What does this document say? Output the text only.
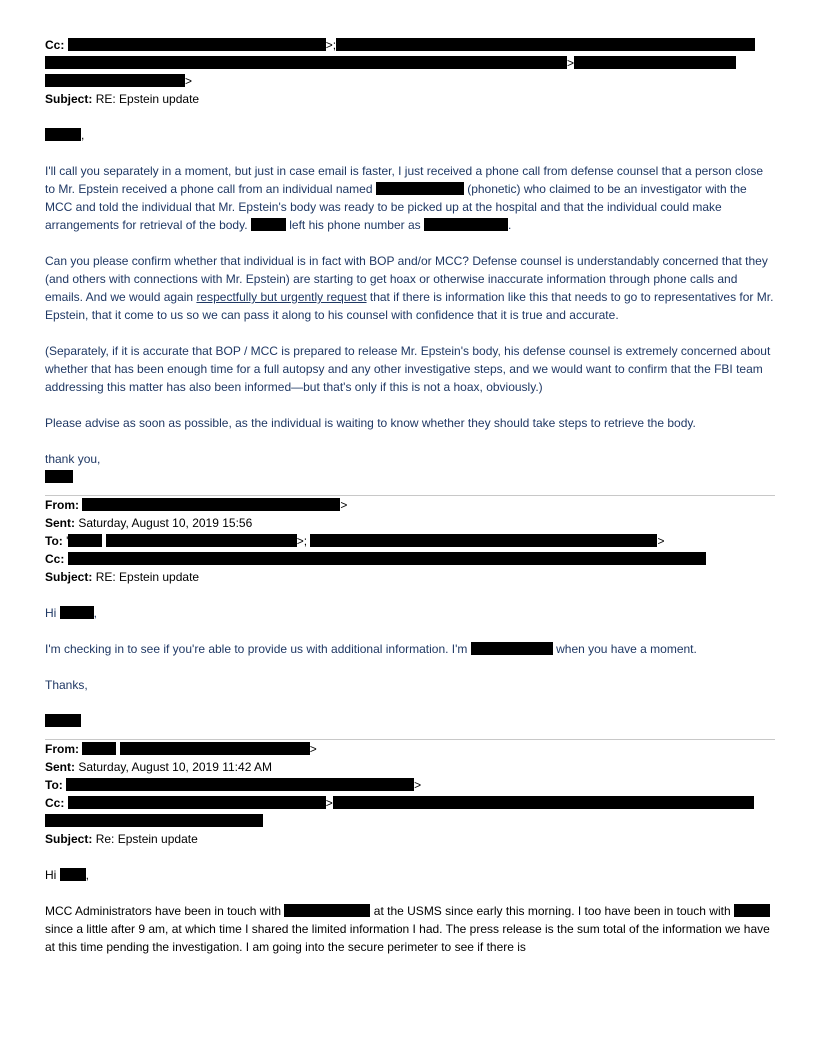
Cc:	>;
>
>
Subject: RE: Epstein update

,

I'll call you separately in a moment, but just in case email is faster, I just received a phone call from defense counsel that a person close to Mr. Epstein received a phone call from an individual named	(phonetic) who claimed to be an investigator with the MCC and told the individual that Mr. Epstein's body was ready to be picked up at the hospital and that the individual could make arrangements for retrieval of the body.	left his phone number as	.

Can you please confirm whether that individual is in fact with BOP and/or MCC? Defense counsel is understandably concerned that they (and others with connections with Mr. Epstein) are starting to get hoax or otherwise inaccurate information through phone calls and emails. And we would again respectfully but urgently request that if there is information like this that needs to go to representatives for Mr. Epstein, that it come to us so we can pass it along to his counsel with confidence that it is true and accurate.

(Separately, if it is accurate that BOP / MCC is prepared to release Mr. Epstein's body, his defense counsel is extremely concerned about whether that has been enough time for a full autopsy and any other investigative steps, and we would want to confirm that the FBI team addressing this matter has also been informed—but that's only if this is not a hoax, obviously.)

Please advise as soon as possible, as the individual is waiting to know whether they should take steps to retrieve the body.

thank you,

From:	>
Sent: Saturday, August 10, 2019 15:56
To: '	>;	>
Cc:
Subject: RE: Epstein update

Hi	,

I'm checking in to see if you're able to provide us with additional information. I'm	when you have a moment.

Thanks,

From:	>
Sent: Saturday, August 10, 2019 11:42 AM
To:	>
Cc:	>
Subject: Re: Epstein update

Hi ,

MCC Administrators have been in touch with	at the USMS since early this morning. I too have been in touch with  since a little after 9 am, at which time I shared the limited information I had. The press release is the sum total of the information we have at this time pending the investigation. I am going into the secure perimeter to see if there is
